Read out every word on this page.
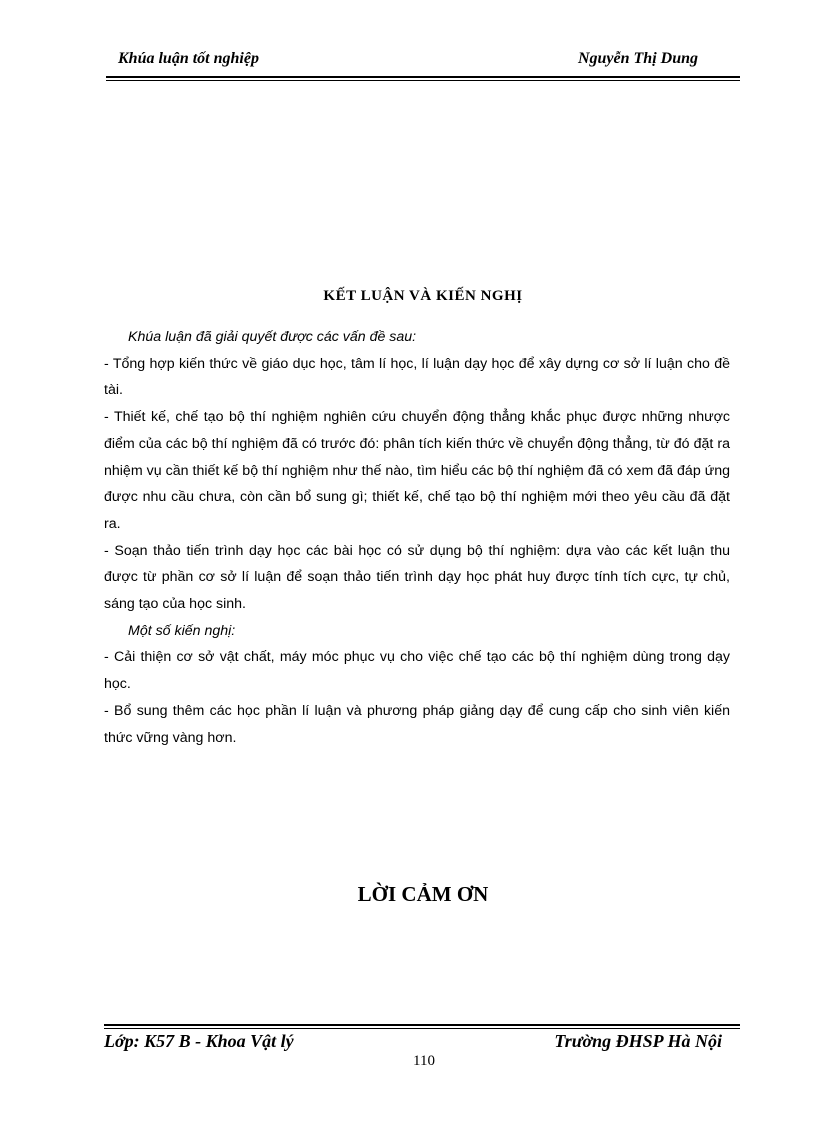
Khúa luận tốt nghiệp	Nguyễn Thị Dung
KẾT LUẬN VÀ KIẾN NGHỊ

Khúa luận đã giải quyết được các vấn đề sau:

- Tổng hợp kiến thức về giáo dục học, tâm lí học, lí luận dạy học để xây dựng cơ sở lí luận cho đề tài.

- Thiết kế, chế tạo bộ thí nghiệm nghiên cứu chuyển động thẳng khắc phục được những nhược điểm của các bộ thí nghiệm đã có trước đó: phân tích kiến thức về chuyển động thẳng, từ đó đặt ra nhiệm vụ cần thiết kế bộ thí nghiệm như thế nào, tìm hiểu các bộ thí nghiệm đã có xem đã đáp ứng được nhu cầu chưa, còn cần bổ sung gì; thiết kế, chế tạo bộ thí nghiệm mới theo yêu cầu đã đặt ra.

- Soạn thảo tiến trình dạy học các bài học có sử dụng bộ thí nghiệm: dựa vào các kết luận thu được từ phần cơ sở lí luận để soạn thảo tiến trình dạy học phát huy được tính tích cực, tự chủ, sáng tạo của học sinh.

Một số kiến nghị:

- Cải thiện cơ sở vật chất, máy móc phục vụ cho việc chế tạo các bộ thí nghiệm dùng trong dạy học.

- Bổ sung thêm các học phần lí luận và phương pháp giảng dạy để cung cấp cho sinh viên kiến thức vững vàng hơn.

LỜI CẢM ƠN
Lớp: K57 B - Khoa Vật lý	Trường ĐHSP Hà Nội
110
